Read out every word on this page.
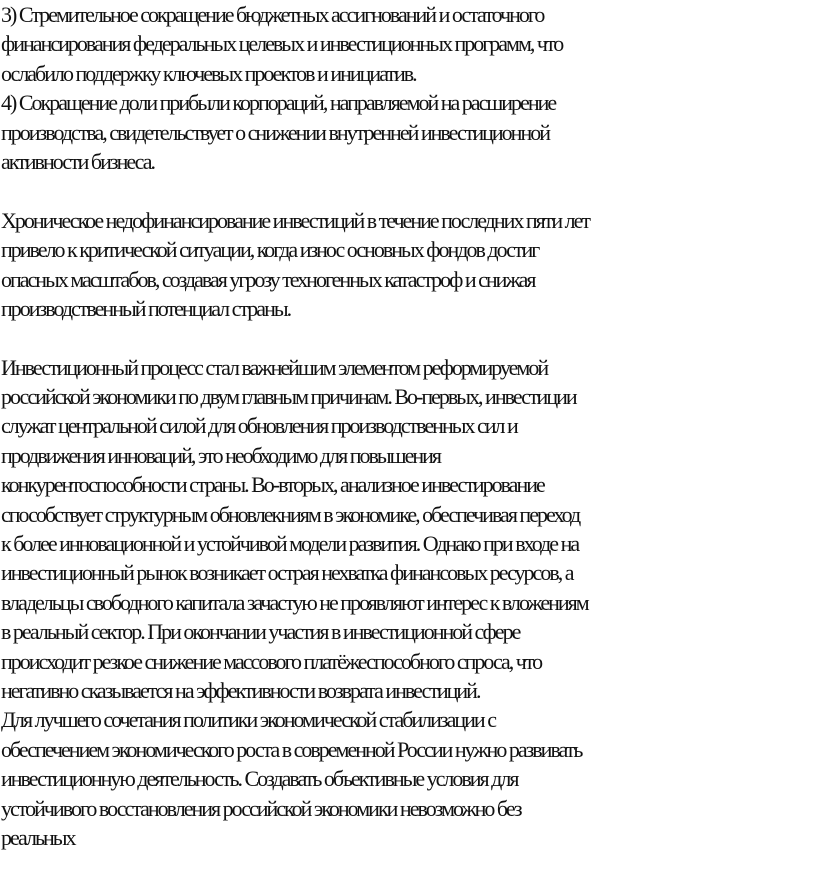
3) Стремительное сокращение бюджетных ассигнований и остаточного
финансирования федеральных целевых и инвестиционных программ, что
ослабило поддержку ключевых проектов и инициатив.
4) Сокращение доли прибыли корпораций, направляемой на расширение
производства, свидетельствует о снижении внутренней инвестиционной
активности бизнеса.
Хроническое недофинансирование инвестиций в течение последних пяти лет
привело к критической ситуации, когда износ основных фондов достиг
опасных масштабов, создавая угрозу техногенных катастроф и снижая
производственный потенциал страны.
Инвестиционный процесс стал важнейшим элементом реформируемой
российской экономики по двум главным причинам. Во-первых, инвестиции
служат центральной силой для обновления производственных сил и
продвижения инноваций, это необходимо для повышения
конкурентоспособности страны. Во-вторых, анализное инвестирование
способствует структурным обновлекниям в экономике, обеспечивая переход
к более инновационной и устойчивой модели развития. Однако при входе на
инвестиционный рынок возникает острая нехватка финансовых ресурсов, а
владельцы свободного капитала зачастую не проявляют интерес к вложениям
в реальный сектор. При окончании участия в инвестиционной сфере
происходит резкое снижение массового платёжеспособного спроса, что
негативно сказывается на эффективности возврата инвестиций.
Для лучшего сочетания политики экономической стабилизации с
обеспечением экономического роста в современной России нужно развивать
инвестиционную деятельность. Создавать объективные условия для
устойчивого восстановления российской экономики невозможно без
реальных
